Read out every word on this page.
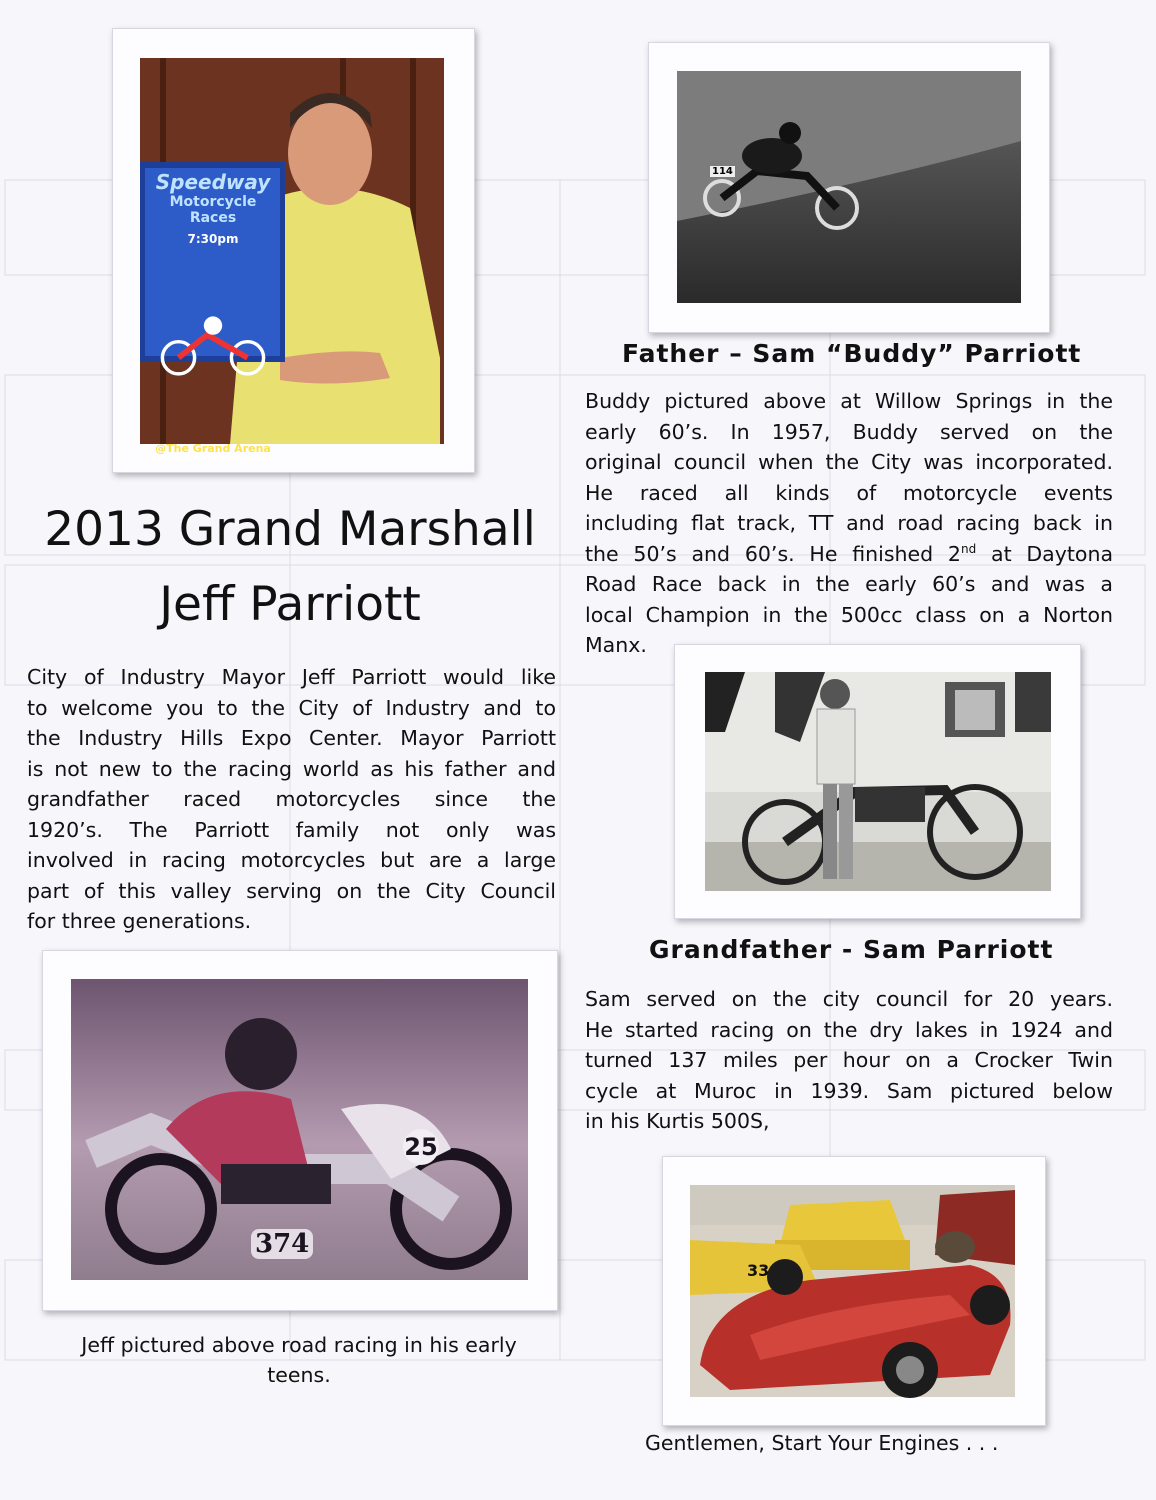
Speedway
Motorcycle
Races
7:30pm
@The Grand Arena
INDUSTRY HILLS EXPO CENTER
114
374
25
33
2013 Grand Marshall
Jeff Parriott
City of Industry Mayor Jeff Parriott would like
to welcome you to the City of Industry and to
the Industry Hills Expo Center. Mayor Parriott
is not new to the racing world as his father and
grandfather raced motorcycles since the
1920’s. The Parriott family not only was
involved in racing motorcycles but are a large
part of this valley serving on the City Council
for three generations.
Jeff pictured above road racing in his early
teens.
Father – Sam “Buddy” Parriott
Buddy pictured above at Willow Springs in the
early 60’s. In 1957, Buddy served on the
original council when the City was incorporated.
He raced all kinds of motorcycle events
including flat track, TT and road racing back in
the 50’s and 60’s. He finished 2nd at Daytona
Road Race back in the early 60’s and was a
local Champion in the 500cc class on a Norton
Manx.
Grandfather - Sam Parriott
Sam served on the city council for 20 years.
He started racing on the dry lakes in 1924 and
turned 137 miles per hour on a Crocker Twin
cycle at Muroc in 1939. Sam pictured below
in his Kurtis 500S,
Gentlemen, Start Your Engines . . .
